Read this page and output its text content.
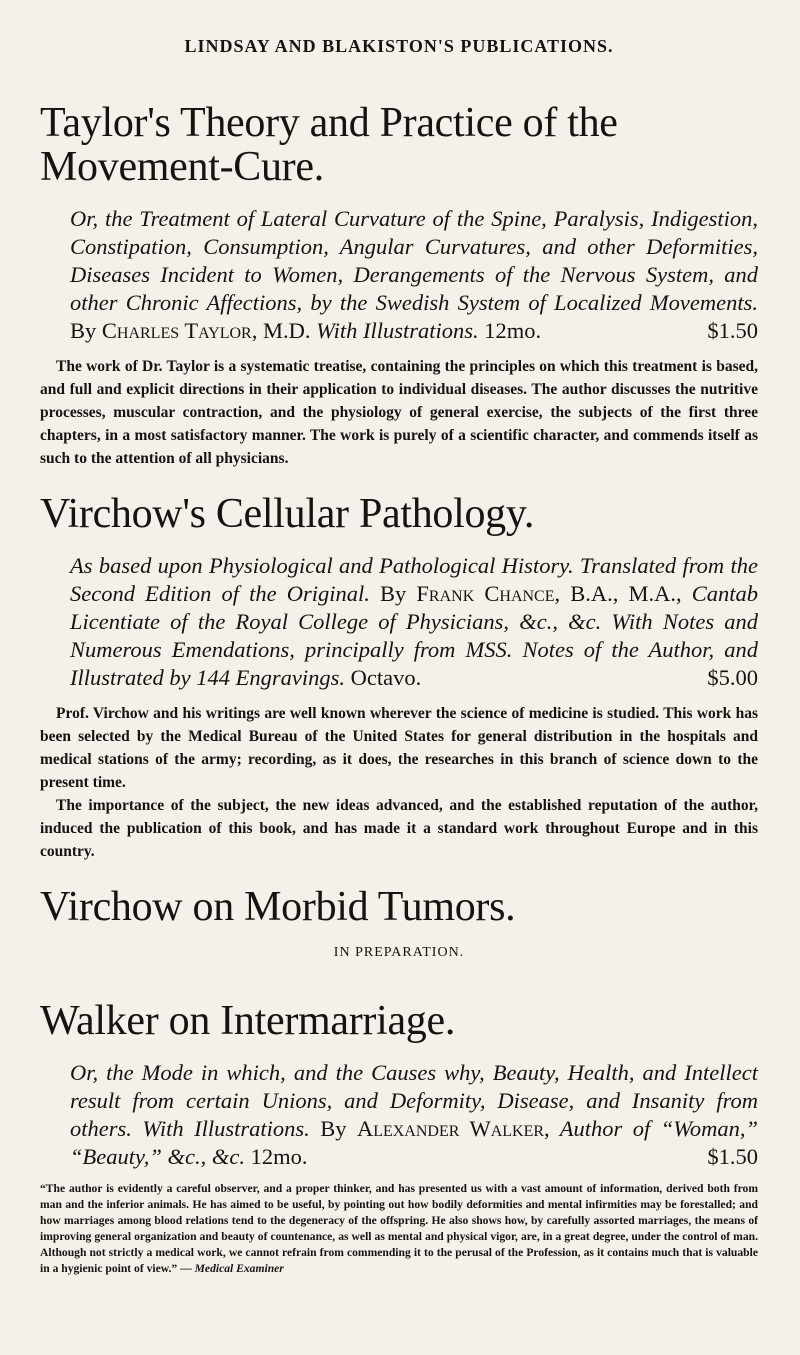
LINDSAY AND BLAKISTON'S PUBLICATIONS.
Taylor's Theory and Practice of the Movement-Cure.

Or, the Treatment of Lateral Curvature of the Spine, Paralysis, Indigestion, Constipation, Consumption, Angular Curvatures, and other Deformities, Diseases Incident to Women, Derangements of the Nervous System, and other Chronic Affections, by the Swedish System of Localized Movements. By Charles Taylor, M.D. With Illustrations. 12mo.	$1.50

The work of Dr. Taylor is a systematic treatise, containing the principles on which this treatment is based, and full and explicit directions in their application to individual diseases. The author discusses the nutritive processes, muscular contraction, and the physiology of general exercise, the subjects of the first three chapters, in a most satisfactory manner. The work is purely of a scientific character, and commends itself as such to the attention of all physicians.

Virchow's Cellular Pathology.

As based upon Physiological and Pathological History. Translated from the Second Edition of the Original. By Frank Chance, B.A., M.A., Cantab Licentiate of the Royal College of Physicians, &c., &c. With Notes and Numerous Emendations, principally from MSS. Notes of the Author, and Illustrated by 144 Engravings. Octavo.	$5.00

Prof. Virchow and his writings are well known wherever the science of medicine is studied. This work has been selected by the Medical Bureau of the United States for general distribution in the hospitals and medical stations of the army; recording, as it does, the researches in this branch of science down to the present time.

The importance of the subject, the new ideas advanced, and the established reputation of the author, induced the publication of this book, and has made it a standard work throughout Europe and in this country.

Virchow on Morbid Tumors.
IN PREPARATION.
Walker on Intermarriage.

Or, the Mode in which, and the Causes why, Beauty, Health, and Intellect result from certain Unions, and Deformity, Disease, and Insanity from others. With Illustrations. By Alexander Walker, Author of “Woman,” “Beauty,” &c., &c. 12mo.	$1.50

“The author is evidently a careful observer, and a proper thinker, and has presented us with a vast amount of information, derived both from man and the inferior animals. He has aimed to be useful, by pointing out how bodily deformities and mental infirmities may be forestalled; and how marriages among blood relations tend to the degeneracy of the offspring. He also shows how, by carefully assorted marriages, the means of improving general organization and beauty of countenance, as well as mental and physical vigor, are, in a great degree, under the control of man. Although not strictly a medical work, we cannot refrain from commending it to the perusal of the Profession, as it contains much that is valuable in a hygienic point of view.” — Medical Examiner
